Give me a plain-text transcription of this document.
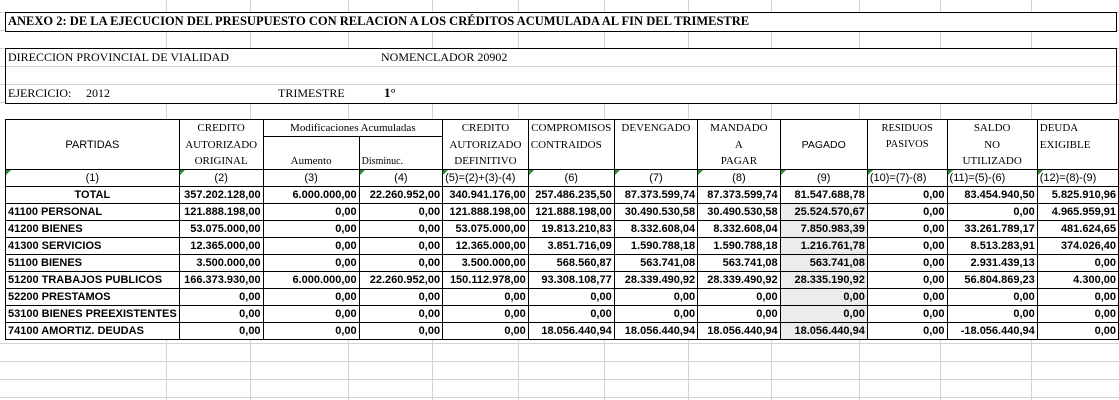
ANEXO 2: DE LA EJECUCION DEL PRESUPUESTO CON RELACION A LOS CRÉDITOS ACUMULADA AL FIN DEL TRIMESTRE
DIRECCION PROVINCIAL DE VIALIDAD	NOMENCLADOR 20902
EJERCICIO: 2012	TRIMESTRE	1°
	CREDITO	Modificaciones Acumuladas		CREDITO	COMPROMISOS	DEVENGADO	MANDADO		RESIDUOS	SALDO	DEUDA
PARTIDAS	AUTORIZADO			AUTORIZADO	CONTRAIDOS		A	PAGADO	PASIVOS	NO	EXIGIBLE
	ORIGINAL	Aumento	Disminuc.	DEFINITIVO			PAGAR			UTILIZADO	

(1)	(2)	(3)	(4)	(5)=(2)+(3)-(4)	(6)	(7)	(8)	(9)	(10)=(7)-(8)	(11)=(5)-(6)	(12)=(8)-(9)
TOTAL	357.202.128,00	6.000.000,00	22.260.952,00	340.941.176,00	257.486.235,50	87.373.599,74	87.373.599,74	81.547.688,78	0,00	83.454.940,50	5.825.910,96
41100 PERSONAL	121.888.198,00	0,00	0,00	121.888.198,00	121.888.198,00	30.490.530,58	30.490.530,58	25.524.570,67	0,00	0,00	4.965.959,91
41200 BIENES	53.075.000,00	0,00	0,00	53.075.000,00	19.813.210,83	8.332.608,04	8.332.608,04	7.850.983,39	0,00	33.261.789,17	481.624,65
41300 SERVICIOS	12.365.000,00	0,00	0,00	12.365.000,00	3.851.716,09	1.590.788,18	1.590.788,18	1.216.761,78	0,00	8.513.283,91	374.026,40
51100 BIENES	3.500.000,00	0,00	0,00	3.500.000,00	568.560,87	563.741,08	563.741,08	563.741,08	0,00	2.931.439,13	0,00
51200 TRABAJOS PUBLICOS	166.373.930,00	6.000.000,00	22.260.952,00	150.112.978,00	93.308.108,77	28.339.490,92	28.339.490,92	28.335.190,92	0,00	56.804.869,23	4.300,00
52200 PRESTAMOS	0,00	0,00	0,00	0,00	0,00	0,00	0,00	0,00	0,00	0,00	0,00
53100 BIENES PREEXISTENTES	0,00	0,00	0,00	0,00	0,00	0,00	0,00	0,00	0,00	0,00	0,00
74100 AMORTIZ. DEUDAS	0,00	0,00	0,00	0,00	18.056.440,94	18.056.440,94	18.056.440,94	18.056.440,94	0,00	-18.056.440,94	0,00
